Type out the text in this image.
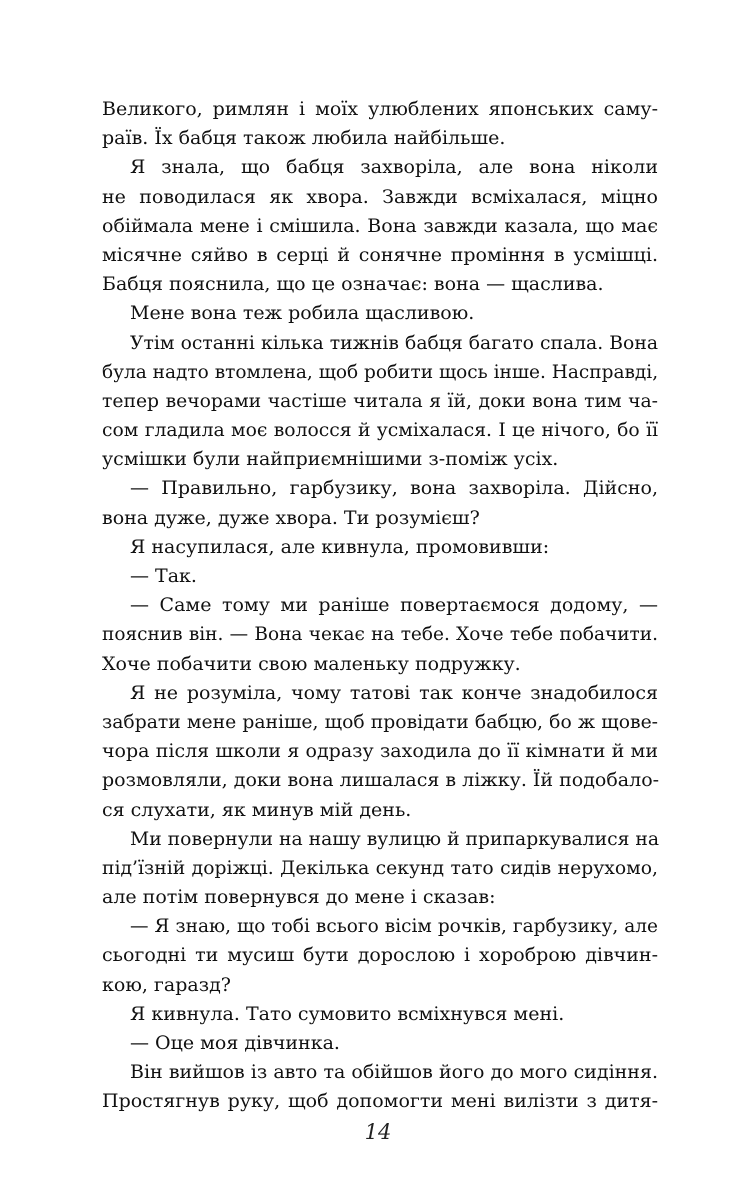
Великого, римлян і моїх улюблених японських саму-
раїв. Їх бабця також любила найбільше.
Я знала, що бабця захворіла, але вона ніколи
не поводилася як хвора. Завжди всміхалася, міцно
обіймала мене і смішила. Вона завжди казала, що має
місячне сяйво в серці й сонячне проміння в усмішці.
Бабця пояснила, що це означає: вона — щаслива.
Мене вона теж робила щасливою.
Утім останні кілька тижнів бабця багато спала. Вона
була надто втомлена, щоб робити щось інше. Насправді,
тепер вечорами частіше читала я їй, доки вона тим ча-
сом гладила моє волосся й усміхалася. І це нічого, бо її
усмішки були найприємнішими з-поміж усіх.
— Правильно, гарбузику, вона захворіла. Дійсно,
вона дуже, дуже хвора. Ти розумієш?
Я насупилася, але кивнула, промовивши:
— Так.
— Саме тому ми раніше повертаємося додому, —
пояснив він. — Вона чекає на тебе. Хоче тебе побачити.
Хоче побачити свою маленьку подружку.
Я не розуміла, чому татові так конче знадобилося
забрати мене раніше, щоб провідати бабцю, бо ж щове-
чора після школи я одразу заходила до її кімнати й ми
розмовляли, доки вона лишалася в ліжку. Їй подобало-
ся слухати, як минув мій день.
Ми повернули на нашу вулицю й припаркувалися на
під’їзній доріжці. Декілька секунд тато сидів нерухомо,
але потім повернувся до мене і сказав:
— Я знаю, що тобі всього вісім рочків, гарбузику, але
сьогодні ти мусиш бути дорослою і хороброю дівчин-
кою, гаразд?
Я кивнула. Тато сумовито всміхнувся мені.
— Оце моя дівчинка.
Він вийшов із авто та обійшов його до мого сидіння.
Простягнув руку, щоб допомогти мені вилізти з дитя-
14
